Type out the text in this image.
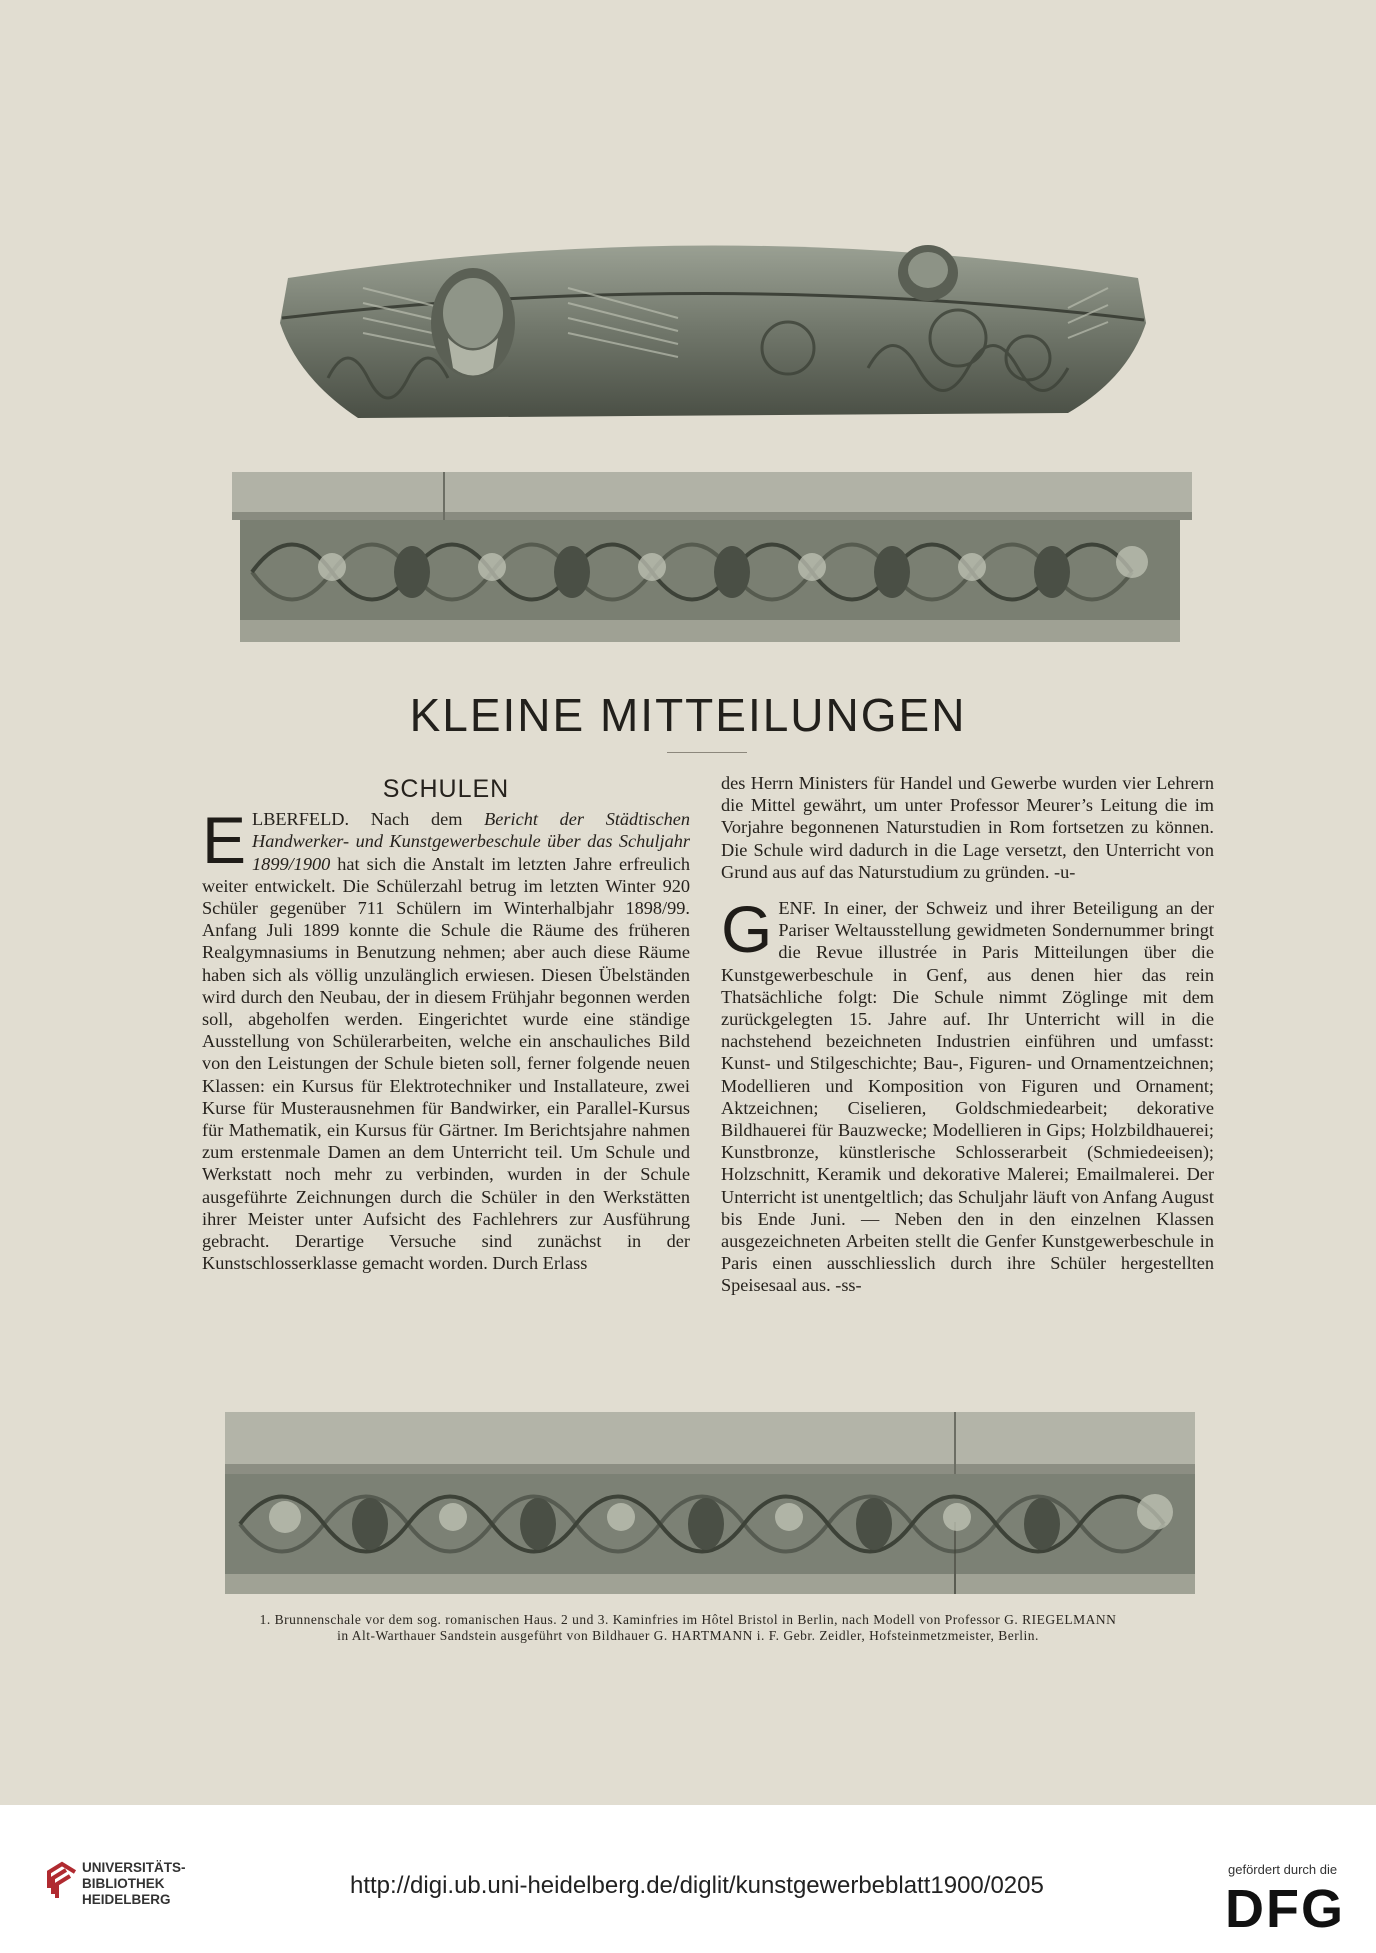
KLEINE MITTEILUNGEN
SCHULEN

ELBERFELD. Nach dem Bericht der Städtischen Handwerker- und Kunstgewerbeschule über das Schuljahr 1899/1900 hat sich die Anstalt im letzten Jahre erfreulich weiter entwickelt. Die Schülerzahl betrug im letzten Winter 920 Schüler gegenüber 711 Schülern im Winterhalbjahr 1898/99. Anfang Juli 1899 konnte die Schule die Räume des früheren Realgymnasiums in Benutzung nehmen; aber auch diese Räume haben sich als völlig unzulänglich erwiesen. Diesen Übelständen wird durch den Neubau, der in diesem Frühjahr begonnen werden soll, abgeholfen werden. Eingerichtet wurde eine ständige Ausstellung von Schülerarbeiten, welche ein anschauliches Bild von den Leistungen der Schule bieten soll, ferner folgende neuen Klassen: ein Kursus für Elektrotechniker und Installateure, zwei Kurse für Musterausnehmen für Bandwirker, ein Parallel-Kursus für Mathematik, ein Kursus für Gärtner. Im Berichtsjahre nahmen zum erstenmale Damen an dem Unterricht teil. Um Schule und Werkstatt noch mehr zu verbinden, wurden in der Schule ausgeführte Zeichnungen durch die Schüler in den Werkstätten ihrer Meister unter Aufsicht des Fachlehrers zur Ausführung gebracht. Derartige Versuche sind zunächst in der Kunstschlosserklasse gemacht worden. Durch Erlass

des Herrn Ministers für Handel und Gewerbe wurden vier Lehrern die Mittel gewährt, um unter Professor Meurer’s Leitung die im Vorjahre begonnenen Naturstudien in Rom fortsetzen zu können. Die Schule wird dadurch in die Lage versetzt, den Unterricht von Grund aus auf das Naturstudium zu gründen. -u-

GENF. In einer, der Schweiz und ihrer Beteiligung an der Pariser Weltausstellung gewidmeten Sondernummer bringt die Revue illustrée in Paris Mitteilungen über die Kunstgewerbeschule in Genf, aus denen hier das rein Thatsächliche folgt: Die Schule nimmt Zöglinge mit dem zurückgelegten 15. Jahre auf. Ihr Unterricht will in die nachstehend bezeichneten Industrien einführen und umfasst: Kunst- und Stilgeschichte; Bau-, Figuren- und Ornamentzeichnen; Modellieren und Komposition von Figuren und Ornament; Aktzeichnen; Ciselieren, Goldschmiedearbeit; dekorative Bildhauerei für Bauzwecke; Modellieren in Gips; Holzbildhauerei; Kunstbronze, künstlerische Schlosserarbeit (Schmiedeeisen); Holzschnitt, Keramik und dekorative Malerei; Emailmalerei. Der Unterricht ist unentgeltlich; das Schuljahr läuft von Anfang August bis Ende Juni. — Neben den in den einzelnen Klassen ausgezeichneten Arbeiten stellt die Genfer Kunstgewerbeschule in Paris einen ausschliesslich durch ihre Schüler hergestellten Speisesaal aus. -ss-

1. Brunnenschale vor dem sog. romanischen Haus. 2 und 3. Kaminfries im Hôtel Bristol in Berlin, nach Modell von Professor G. RIEGELMANN
in Alt-Warthauer Sandstein ausgeführt von Bildhauer G. HARTMANN i. F. Gebr. Zeidler, Hofsteinmetzmeister, Berlin.
UNIVERSITÄTS-
BIBLIOTHEK
HEIDELBERG
http://digi.ub.uni-heidelberg.de/diglit/kunstgewerbeblatt1900/0205
gefördert durch die
DFG
